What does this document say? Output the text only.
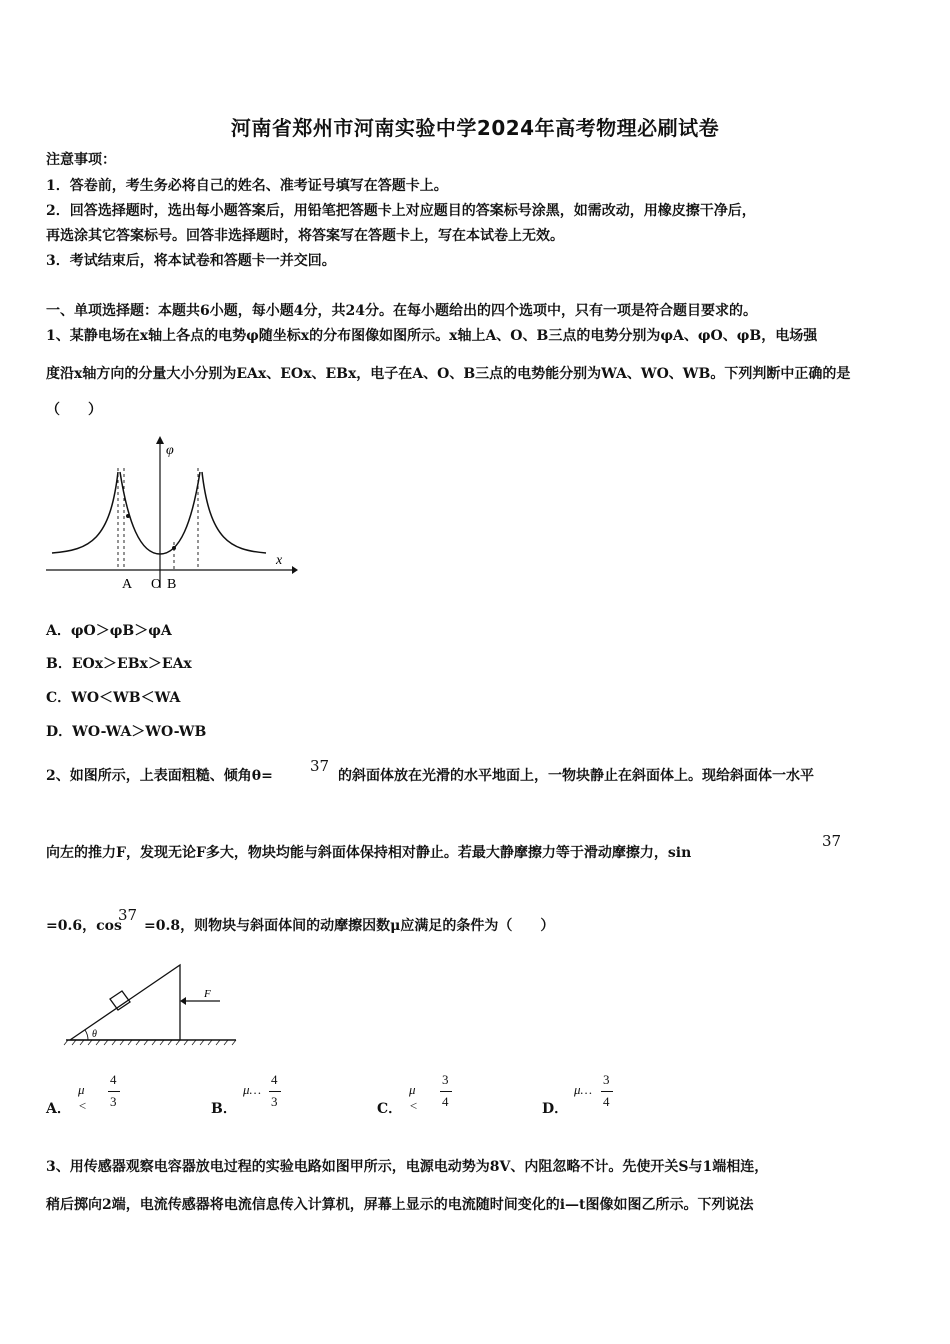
河南省郑州市河南实验中学2024年高考物理必刷试卷
注意事项：
1．答卷前，考生务必将自己的姓名、准考证号填写在答题卡上。
2．回答选择题时，选出每小题答案后，用铅笔把答题卡上对应题目的答案标号涂黑，如需改动，用橡皮擦干净后，
再选涂其它答案标号。回答非选择题时，将答案写在答题卡上，写在本试卷上无效。
3．考试结束后，将本试卷和答题卡一并交回。
一、单项选择题：本题共6小题，每小题4分，共24分。在每小题给出的四个选项中，只有一项是符合题目要求的。
1、某静电场在x轴上各点的电势φ随坐标x的分布图像如图所示。x轴上A、O、B三点的电势分别为φA、φO、φB，电场强
度沿x轴方向的分量大小分别为EAx、EOx、EBx，电子在A、O、B三点的电势能分别为WA、WO、WB。下列判断中正确的是
（　　）
φ
x
A O B
A．φO＞φB＞φA
B．EOx＞EBx＞EAx
C．WO＜WB＜WA
D．WO-WA＞WO-WB
2、如图所示，上表面粗糙、倾角θ=
37
的斜面体放在光滑的水平地面上，一物块静止在斜面体上。现给斜面体一水平
向左的推力F，发现无论F多大，物块均能与斜面体保持相对静止。若最大静摩擦力等于滑动摩擦力，sin
37
=0.6，cos
37
=0.8，则物块与斜面体间的动摩擦因数μ应满足的条件为（　　）
F
θ
A．
μ <
4
3	B．
μ…
4
3	C．
μ <
3
4	D．
μ…
3
4
3、用传感器观察电容器放电过程的实验电路如图甲所示，电源电动势为8V、内阻忽略不计。先使开关S与1端相连，
稍后掷向2端，电流传感器将电流信息传入计算机，屏幕上显示的电流随时间变化的i—t图像如图乙所示。下列说法
